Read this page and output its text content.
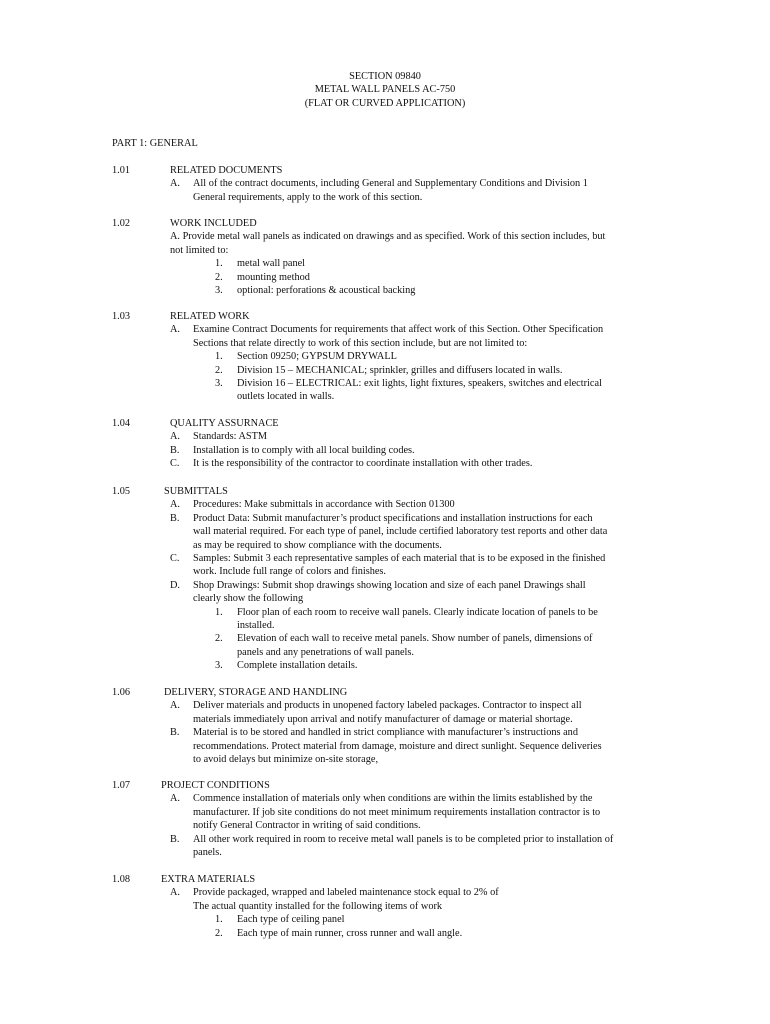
SECTION 09840
METAL WALL PANELS AC-750
(FLAT OR CURVED APPLICATION)
PART 1: GENERAL
1.01	RELATED DOCUMENTS
A. All of the contract documents, including General and Supplementary Conditions and Division 1
General requirements, apply to the work of this section.
1.02	WORK INCLUDED
A. Provide metal wall panels as indicated on drawings and as specified. Work of this section includes, but
not limited to:
1. metal wall panel
2. mounting method
3. optional: perforations & acoustical backing
1.03	RELATED WORK
A. Examine Contract Documents for requirements that affect work of this Section. Other Specification
Sections that relate directly to work of this section include, but are not limited to:
1. Section 09250; GYPSUM DRYWALL
2. Division 15 – MECHANICAL; sprinkler, grilles and diffusers located in walls.
3. Division 16 – ELECTRICAL: exit lights, light fixtures, speakers, switches and electrical
outlets located in walls.
1.04	QUALITY ASSURNACE
A. Standards: ASTM
B. Installation is to comply with all local building codes.
C. It is the responsibility of the contractor to coordinate installation with other trades.
1.05	SUBMITTALS
A. Procedures: Make submittals in accordance with Section 01300
B. Product Data: Submit manufacturer’s product specifications and installation instructions for each
wall material required. For each type of panel, include certified laboratory test reports and other data
as may be required to show compliance with the documents.
C. Samples: Submit 3 each representative samples of each material that is to be exposed in the finished
work. Include full range of colors and finishes.
D. Shop Drawings: Submit shop drawings showing location and size of each panel Drawings shall
clearly show the following
1. Floor plan of each room to receive wall panels. Clearly indicate location of panels to be
installed.
2. Elevation of each wall to receive metal panels. Show number of panels, dimensions of
panels and any penetrations of wall panels.
3. Complete installation details.
1.06	DELIVERY, STORAGE AND HANDLING
A. Deliver materials and products in unopened factory labeled packages. Contractor to inspect all
materials immediately upon arrival and notify manufacturer of damage or material shortage.
B. Material is to be stored and handled in strict compliance with manufacturer’s instructions and
recommendations. Protect material from damage, moisture and direct sunlight. Sequence deliveries
to avoid delays but minimize on-site storage,
1.07	PROJECT CONDITIONS
A. Commence installation of materials only when conditions are within the limits established by the
manufacturer. If job site conditions do not meet minimum requirements installation contractor is to
notify General Contractor in writing of said conditions.
B. All other work required in room to receive metal wall panels is to be completed prior to installation of
panels.
1.08	EXTRA MATERIALS
A. Provide packaged, wrapped and labeled maintenance stock equal to 2% of
The actual quantity installed for the following items of work
1. Each type of ceiling panel
2. Each type of main runner, cross runner and wall angle.
